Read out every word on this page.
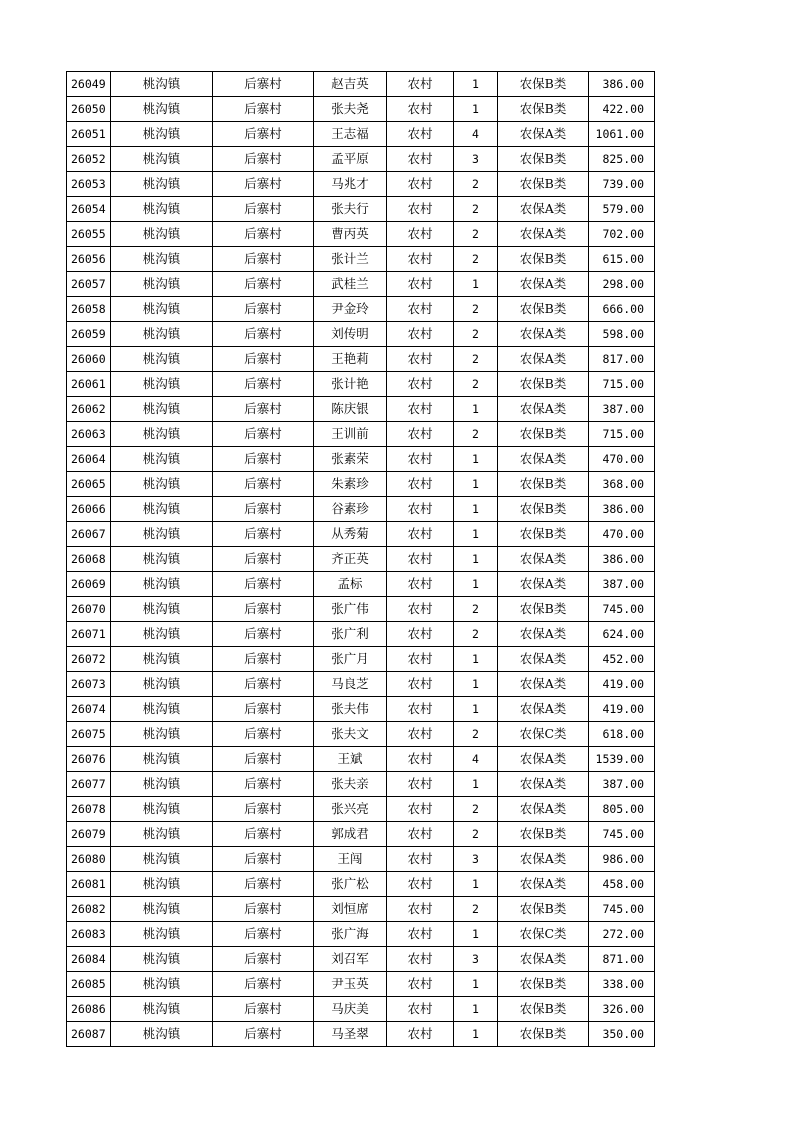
26049	桃沟镇	后寨村	赵吉英	农村	1	农保B类	386.00
26050	桃沟镇	后寨村	张夫尧	农村	1	农保B类	422.00
26051	桃沟镇	后寨村	王志福	农村	4	农保A类	1061.00
26052	桃沟镇	后寨村	孟平原	农村	3	农保B类	825.00
26053	桃沟镇	后寨村	马兆才	农村	2	农保B类	739.00
26054	桃沟镇	后寨村	张夫行	农村	2	农保A类	579.00
26055	桃沟镇	后寨村	曹丙英	农村	2	农保A类	702.00
26056	桃沟镇	后寨村	张计兰	农村	2	农保B类	615.00
26057	桃沟镇	后寨村	武桂兰	农村	1	农保A类	298.00
26058	桃沟镇	后寨村	尹金玲	农村	2	农保B类	666.00
26059	桃沟镇	后寨村	刘传明	农村	2	农保A类	598.00
26060	桃沟镇	后寨村	王艳莉	农村	2	农保A类	817.00
26061	桃沟镇	后寨村	张计艳	农村	2	农保B类	715.00
26062	桃沟镇	后寨村	陈庆银	农村	1	农保A类	387.00
26063	桃沟镇	后寨村	王训前	农村	2	农保B类	715.00
26064	桃沟镇	后寨村	张素荣	农村	1	农保A类	470.00
26065	桃沟镇	后寨村	朱素珍	农村	1	农保B类	368.00
26066	桃沟镇	后寨村	谷素珍	农村	1	农保B类	386.00
26067	桃沟镇	后寨村	从秀菊	农村	1	农保B类	470.00
26068	桃沟镇	后寨村	齐正英	农村	1	农保A类	386.00
26069	桃沟镇	后寨村	孟标	农村	1	农保A类	387.00
26070	桃沟镇	后寨村	张广伟	农村	2	农保B类	745.00
26071	桃沟镇	后寨村	张广利	农村	2	农保A类	624.00
26072	桃沟镇	后寨村	张广月	农村	1	农保A类	452.00
26073	桃沟镇	后寨村	马良芝	农村	1	农保A类	419.00
26074	桃沟镇	后寨村	张夫伟	农村	1	农保A类	419.00
26075	桃沟镇	后寨村	张夫文	农村	2	农保C类	618.00
26076	桃沟镇	后寨村	王斌	农村	4	农保A类	1539.00
26077	桃沟镇	后寨村	张夫亲	农村	1	农保A类	387.00
26078	桃沟镇	后寨村	张兴亮	农村	2	农保A类	805.00
26079	桃沟镇	后寨村	郭成君	农村	2	农保B类	745.00
26080	桃沟镇	后寨村	王闯	农村	3	农保A类	986.00
26081	桃沟镇	后寨村	张广松	农村	1	农保A类	458.00
26082	桃沟镇	后寨村	刘恒席	农村	2	农保B类	745.00
26083	桃沟镇	后寨村	张广海	农村	1	农保C类	272.00
26084	桃沟镇	后寨村	刘召军	农村	3	农保A类	871.00
26085	桃沟镇	后寨村	尹玉英	农村	1	农保B类	338.00
26086	桃沟镇	后寨村	马庆美	农村	1	农保B类	326.00
26087	桃沟镇	后寨村	马圣翠	农村	1	农保B类	350.00
